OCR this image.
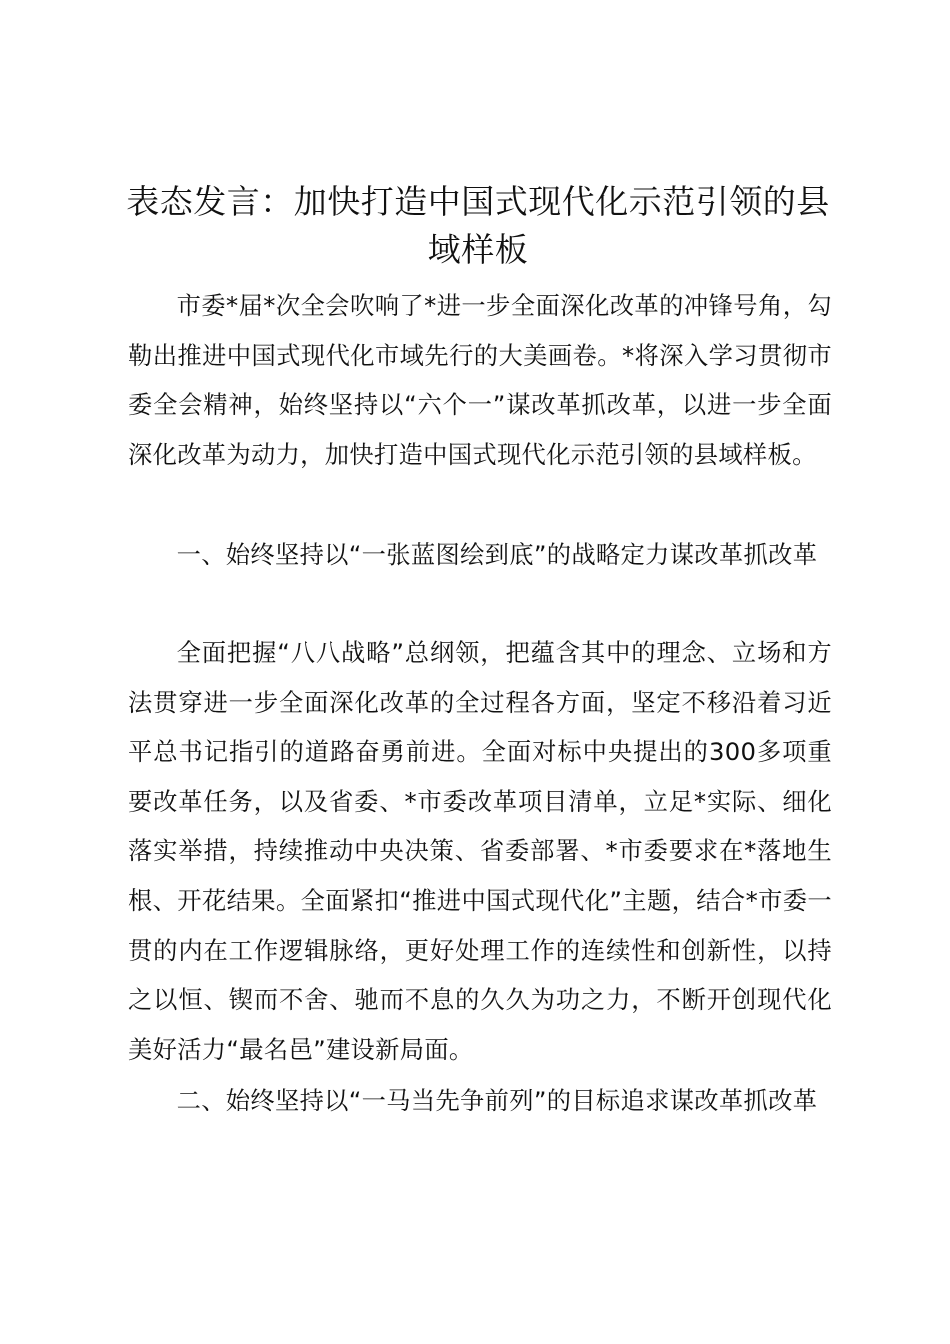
表态发言：加快打造中国式现代化示范引领的县域样板

市委*届*次全会吹响了*进一步全面深化改革的冲锋号角，勾勒出推进中国式现代化市域先行的大美画卷。*将深入学习贯彻市委全会精神，始终坚持以“六个一”谋改革抓改革，以进一步全面深化改革为动力，加快打造中国式现代化示范引领的县域样板。

一、始终坚持以“一张蓝图绘到底”的战略定力谋改革抓改革

全面把握“八八战略”总纲领，把蕴含其中的理念、立场和方法贯穿进一步全面深化改革的全过程各方面，坚定不移沿着习近平总书记指引的道路奋勇前进。全面对标中央提出的300多项重要改革任务，以及省委、*市委改革项目清单，立足*实际、细化落实举措，持续推动中央决策、省委部署、*市委要求在*落地生根、开花结果。全面紧扣“推进中国式现代化”主题，结合*市委一贯的内在工作逻辑脉络，更好处理工作的连续性和创新性，以持之以恒、锲而不舍、驰而不息的久久为功之力，不断开创现代化美好活力“最名邑”建设新局面。

二、始终坚持以“一马当先争前列”的目标追求谋改革抓改革
